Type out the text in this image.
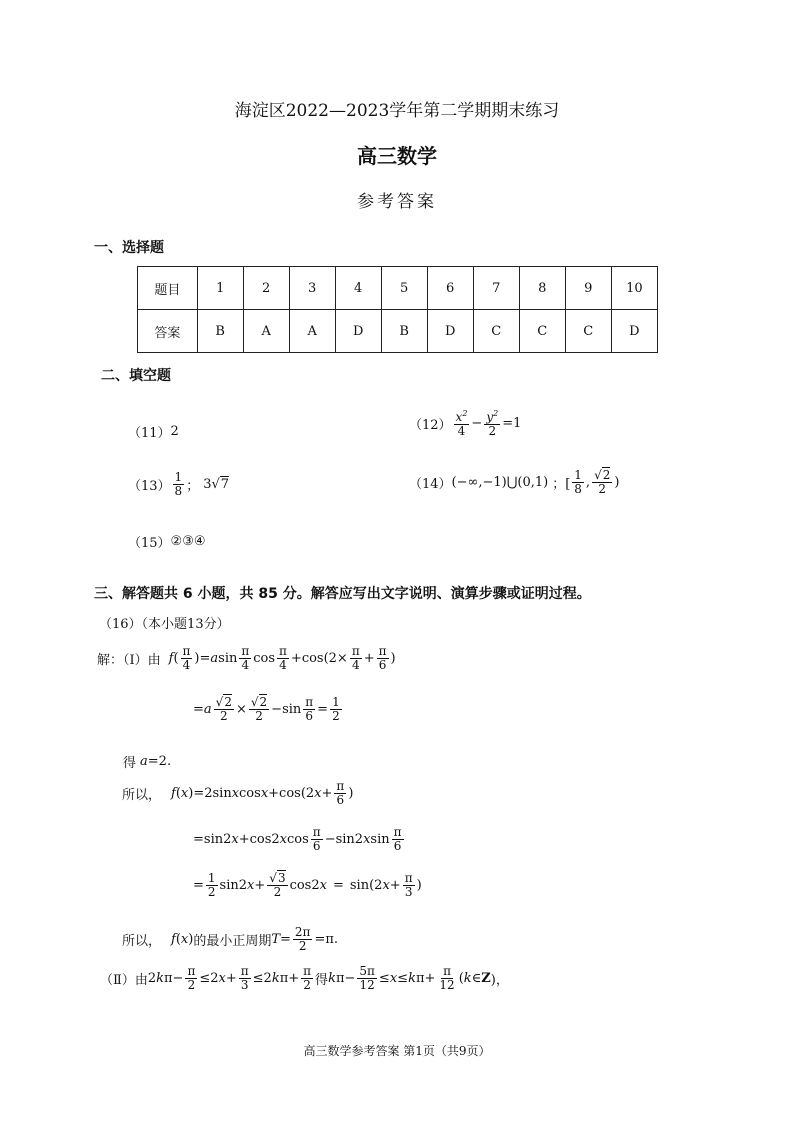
海淀区2022—2023学年第二学期期末练习
高三数学
参考答案
一、选择题
题目	1	2	3	4	5	6	7	8	9	10
答案	B	A	A	D	B	D	C	C	C	D
二、填空题
（11） 2	$(12) \frac{x^2}{4} - \frac{y^2}{2} =1$
$(13) \frac{1}{8}$ ； 3 √ 7	（14） (−∞,−1)⋃(0,1) ；[ $\frac{1}{8}$ , $\frac{√2}{2}$ )
（15） ②③④
三、解答题共 6 小题，共 85 分。解答应写出文字说明、演算步骤或证明过程。
（16）（本小题13分）
解：（Ⅰ）由 f ( $\frac{\pi}{4}$ )= a $\sin \frac{\pi}{4}$ $\cos \frac{\pi}{4} +\cos(2\times \frac{\pi}{4} + \frac{\pi}{6}$ )
= a $\frac{√2}{2} \times \frac{√2}{2} -\sin \frac{\pi}{6} = \frac{1}{2}$
得 a =2.
所以， f ( x )=2sin x cos x +cos(2 $x + \frac{\pi}{6}$ )
=sin2 x +cos2 x $\cos \frac{\pi}{6} -\sin 2$ x $\sin \frac{\pi}{6}$
= $\frac{1}{2} \sin 2$ $x + \frac{√3}{2} \cos 2$ x = sin(2 $x + \frac{\pi}{3}$ )
所以， f ( x ) 的最小正周期 $T = \frac{2\pi}{2} =\pi$.
（Ⅱ）由 2 k $\pi- \frac{\pi}{2} \le 2$ $x + \frac{\pi}{3} \le 2$ k $\pi+ \frac{\pi}{2}$ 得 k $\pi- \frac{5\pi}{12} \le x \le k$ $\pi+ \frac{\pi}{12}$ ( k ∈ Z )，
高三数学参考答案 第1页（共9页）
